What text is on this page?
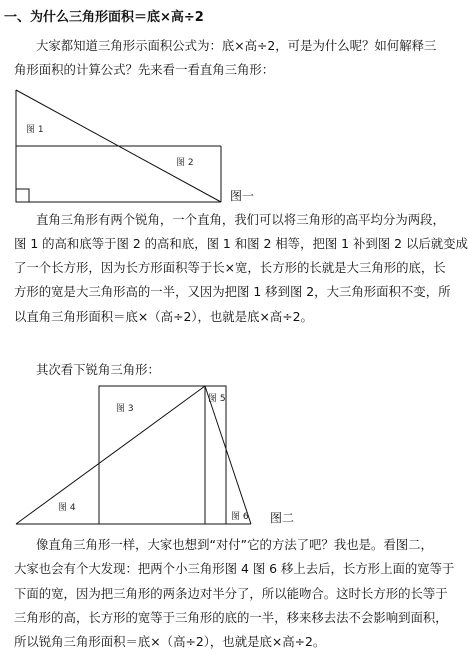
一、为什么三角形面积＝底×高÷2
大家都知道三角形示面积公式为：底×高÷2，可是为什么呢？如何解释三
角形面积的计算公式？先来看一看直角三角形：
图 1
图 2
图一
图 3
图 4
图 5
图 6 图二
直角三角形有两个锐角，一个直角，我们可以将三角形的高平均分为两段，
图 1 的高和底等于图 2 的高和底，图 1 和图 2 相等，把图 1 补到图 2 以后就变成
了一个长方形，因为长方形面积等于长×宽，长方形的长就是大三角形的底，长
方形的宽是大三角形高的一半，又因为把图 1 移到图 2，大三角形面积不变，所
以直角三角形面积＝底×（高÷2），也就是底×高÷2。
其次看下锐角三角形：
像直角三角形一样，大家也想到“对付”它的方法了吧？我也是。看图二，
大家也会有个大发现：把两个小三角形图 4 图 6 移上去后，长方形上面的宽等于
下面的宽，因为把三角形的两条边对半分了，所以能吻合。这时长方形的长等于
三角形的高，长方形的宽等于三角形的底的一半，移来移去法不会影响到面积，
所以锐角三角形面积＝底×（高÷2），也就是底×高÷2。
